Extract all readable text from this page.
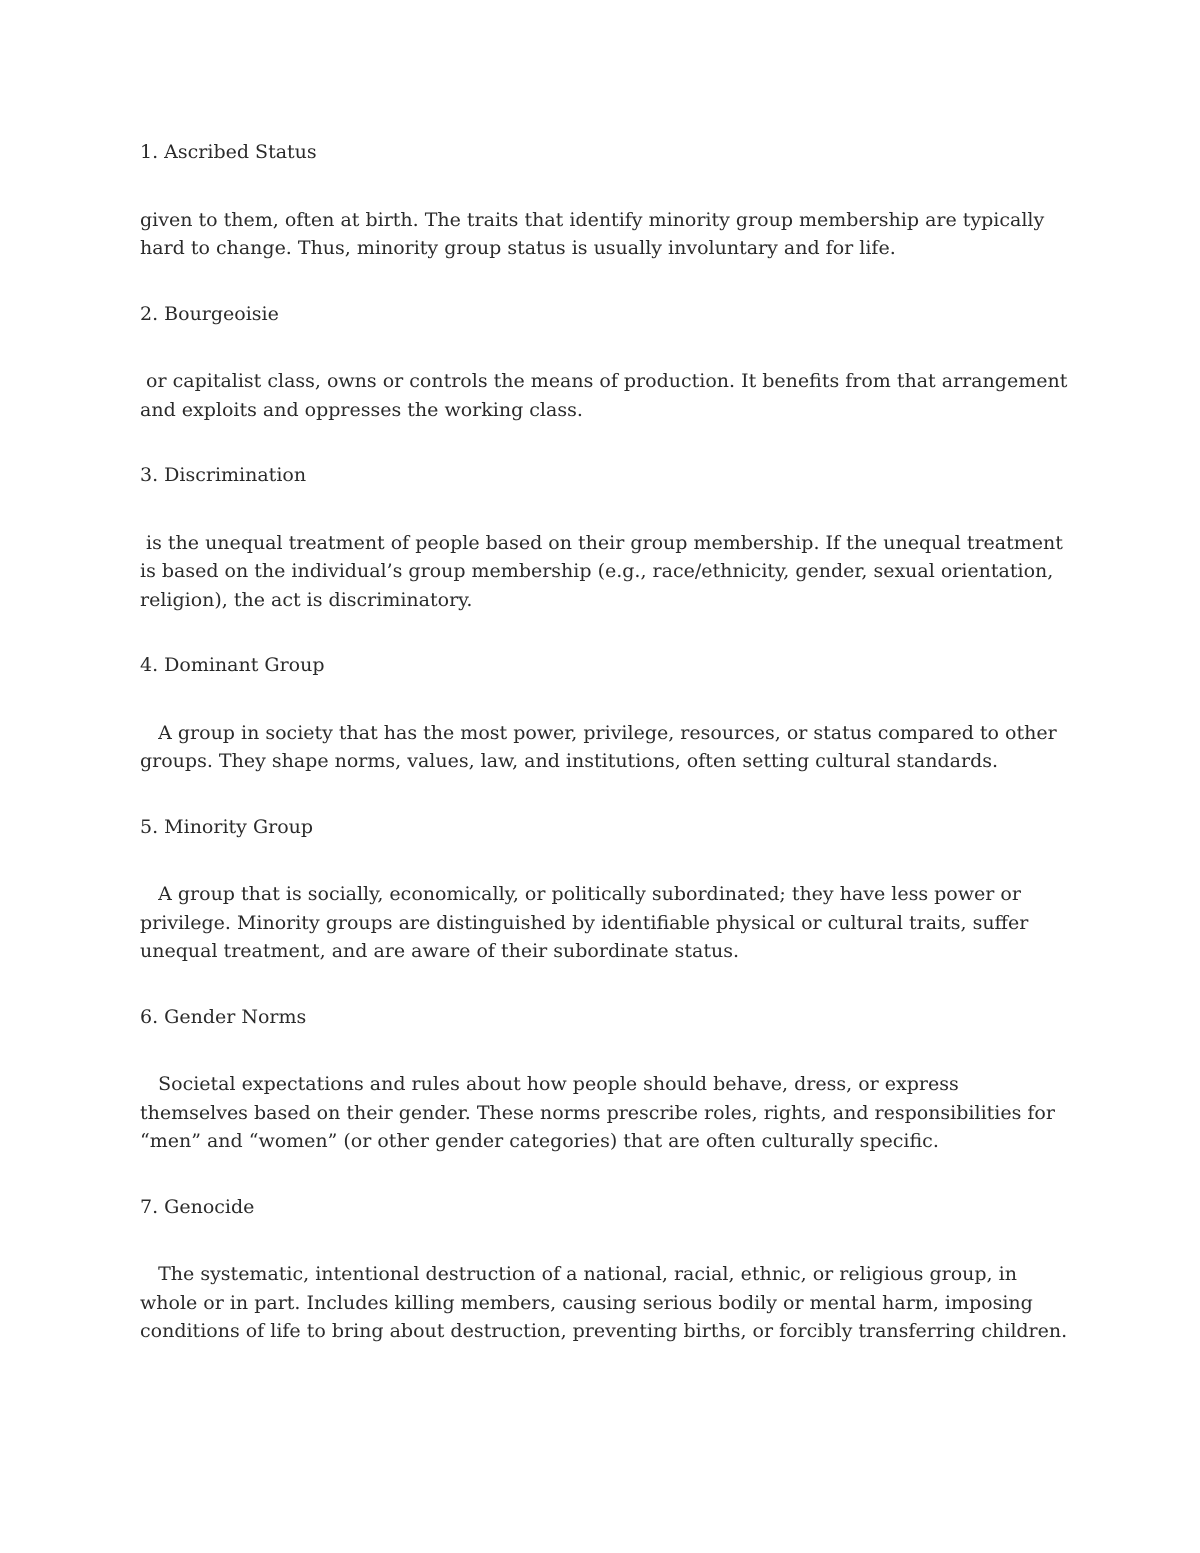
1. Ascribed Status

given to them, often at birth. The traits that identify minority group membership are typically hard to change. Thus, minority group status is usually involuntary and for life.

2. Bourgeoisie

or capitalist class, owns or controls the means of production. It benefits from that arrangement and exploits and oppresses the working class.

3. Discrimination

is the unequal treatment of people based on their group membership. If the unequal treatment is based on the individual’s group membership (e.g., race/ethnicity, gender, sexual orientation, religion), the act is discriminatory.

4. Dominant Group

A group in society that has the most power, privilege, resources, or status compared to other groups. They shape norms, values, law, and institutions, often setting cultural standards.

5. Minority Group

A group that is socially, economically, or politically subordinated; they have less power or privilege. Minority groups are distinguished by identifiable physical or cultural traits, suffer unequal treatment, and are aware of their subordinate status.

6. Gender Norms

Societal expectations and rules about how people should behave, dress, or express themselves based on their gender. These norms prescribe roles, rights, and responsibilities for “men” and “women” (or other gender categories) that are often culturally specific.

7. Genocide

The systematic, intentional destruction of a national, racial, ethnic, or religious group, in whole or in part. Includes killing members, causing serious bodily or mental harm, imposing conditions of life to bring about destruction, preventing births, or forcibly transferring children.
